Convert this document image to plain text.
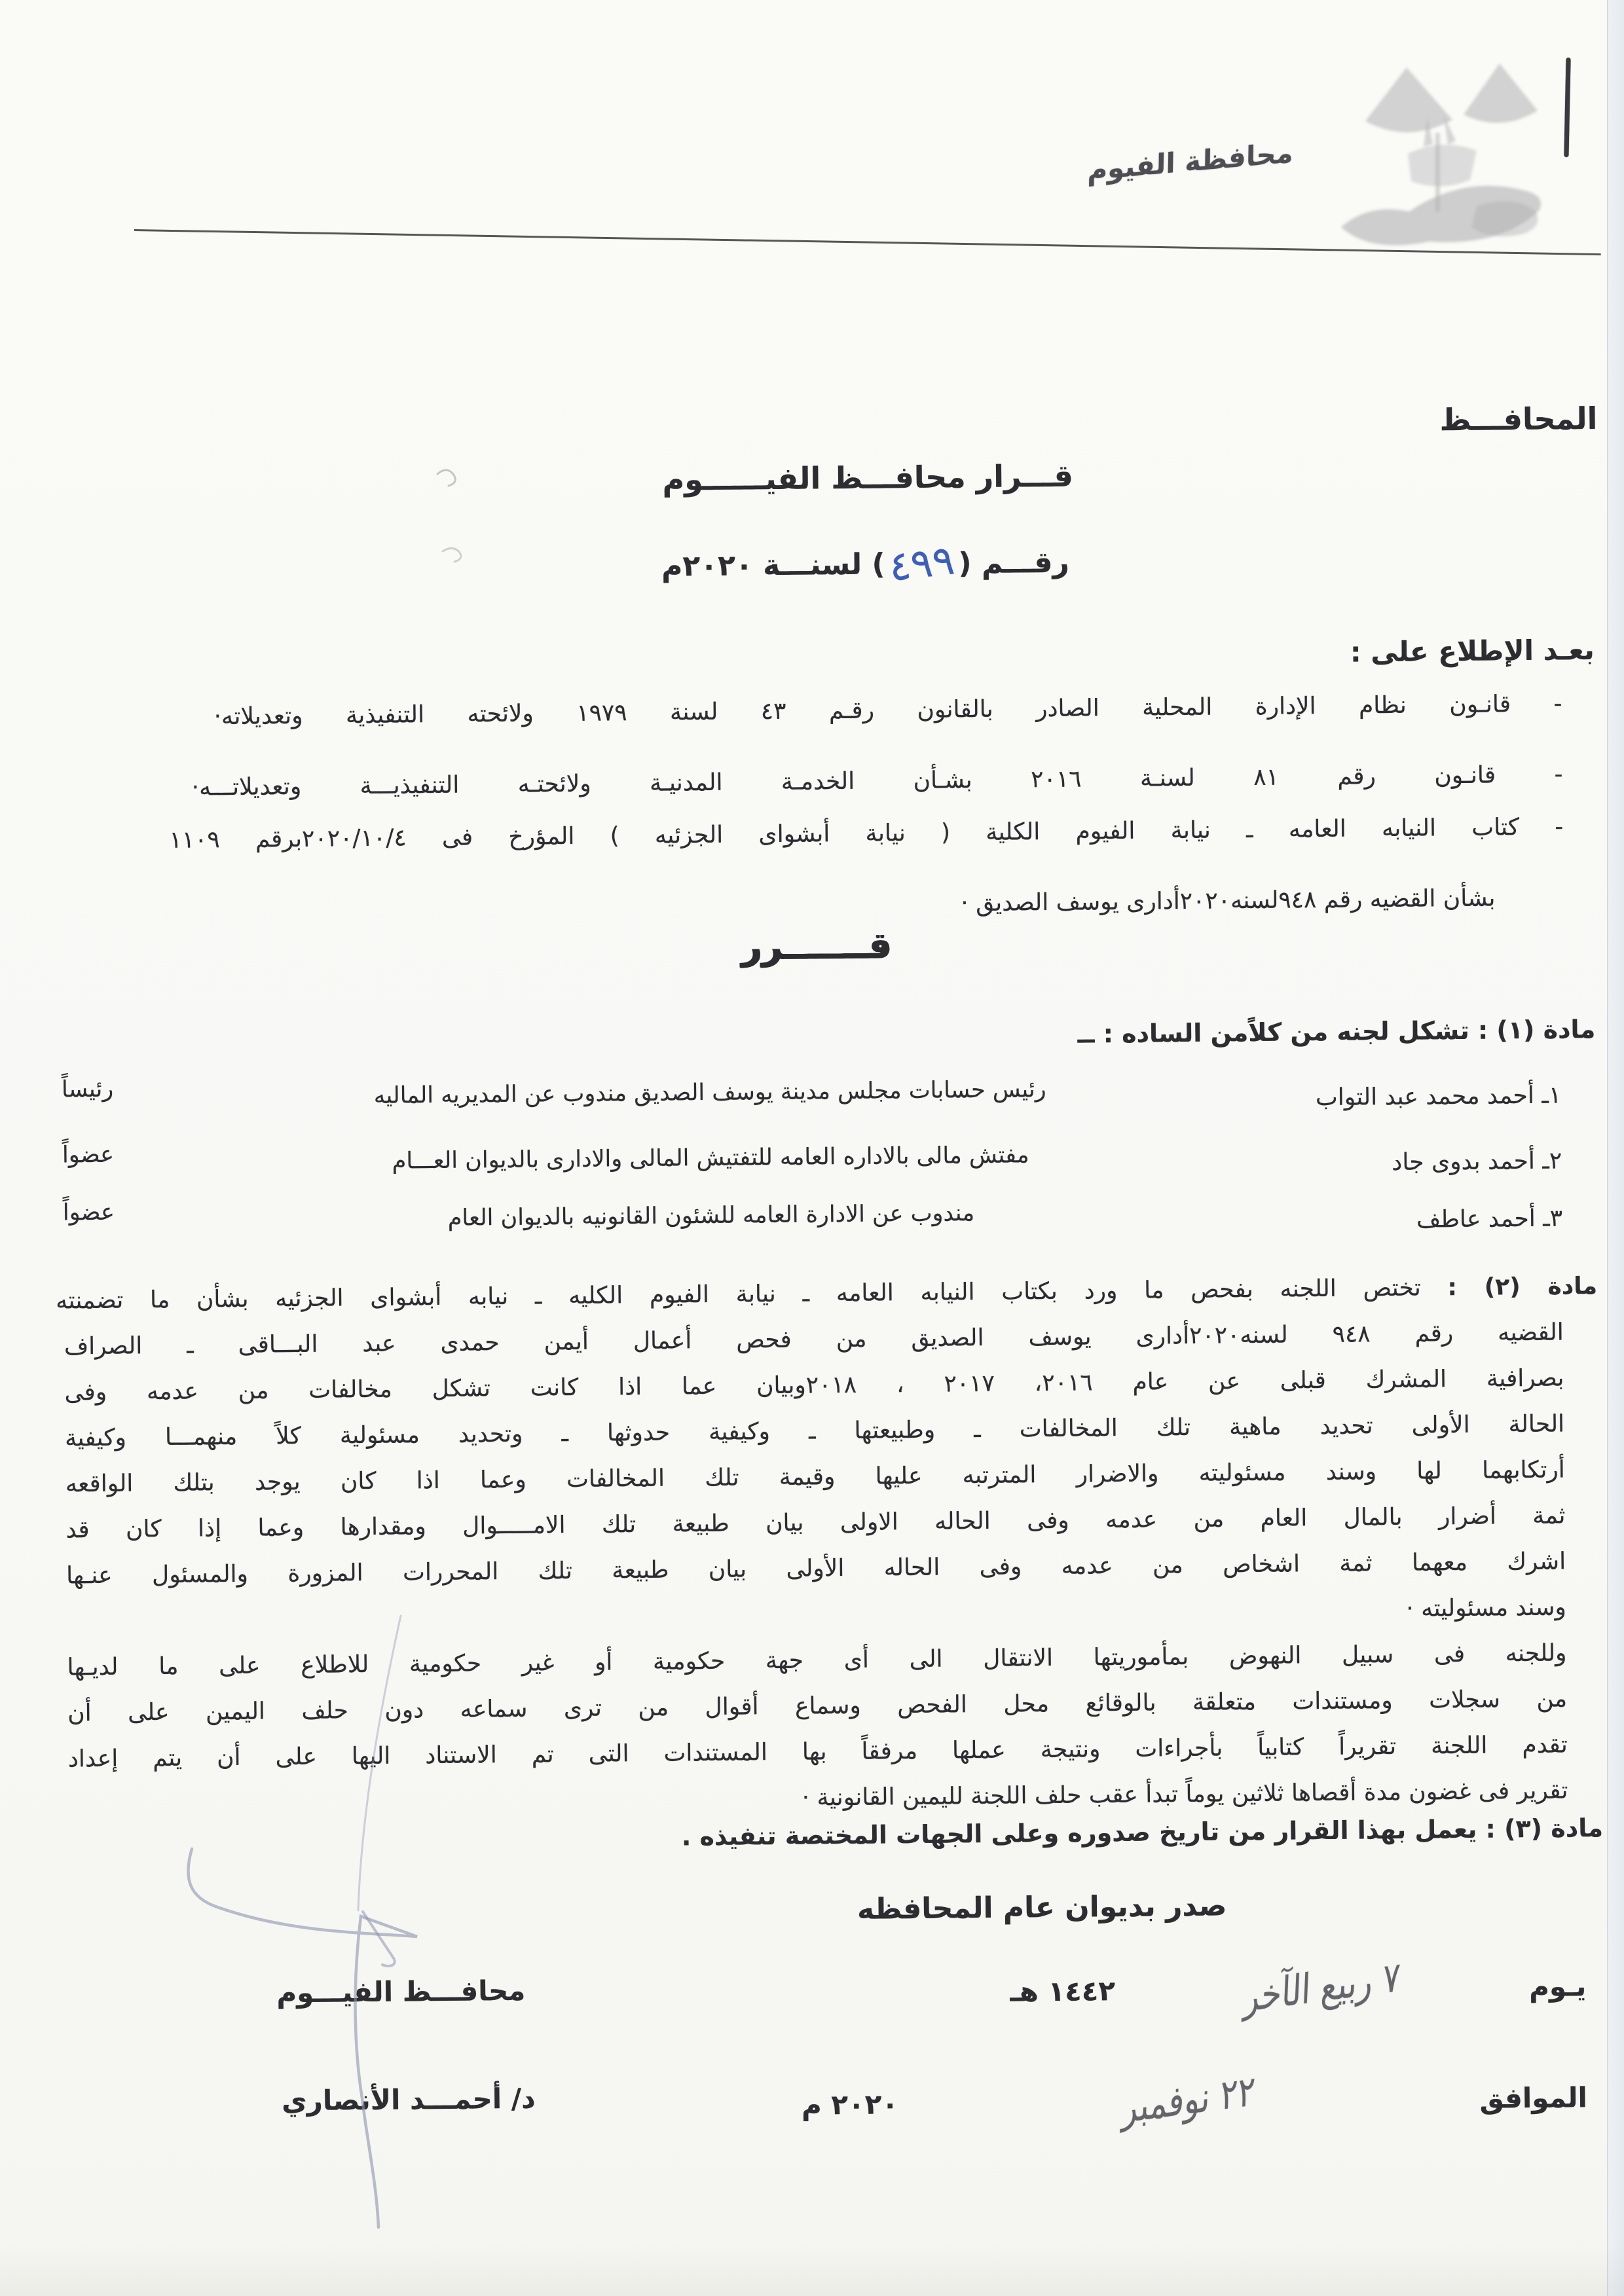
محافظة الفيوم
المحافـــظ
قـــرار محافـــظ الفيــــــوم
رقـــم (٤٩٩) لسنـــة ٢٠٢٠م
بعـد الإطلاع على :
- قانـون نظام الإدارة المحلية الصادر بالقانون رقـم ٤٣ لسنة ١٩٧٩ ولائحته التنفيذية وتعديلاته·
- قانـون رقم ٨١ لسنـة ٢٠١٦ بشـأن الخدمـة المدنيـة ولائحتـه التنفيذيـــة وتعديلاتـــه·
- كتاب النيابه العامه ـ نيابة الفيوم الكلية ( نيابة أبشواى الجزئيه ) المؤرخ فى ٢٠٢٠/١٠/٤برقم ١١٠٩
بشأن القضيه رقم ٩٤٨لسنه٢٠٢٠أدارى يوسف الصديق ·
قـــــــرر
مادة (١) : تشكل لجنه من كلاًمن الساده : ــ
١ـ أحمد محمد عبد التواب
رئيس حسابات مجلس مدينة يوسف الصديق مندوب عن المديريه الماليه
رئيساً
٢ـ أحمد بدوى جاد
مفتش مالى بالاداره العامه للتفتيش المالى والادارى بالديوان العـــام
عضواً
٣ـ أحمد عاطف
مندوب عن الادارة العامه للشئون القانونيه بالديوان العام
عضواً
مادة (٢) : تختص اللجنه بفحص ما ورد بكتاب النيابه العامه ـ نيابة الفيوم الكليه ـ نيابه أبشواى الجزئيه بشأن ما تضمنته
القضيه رقم ٩٤٨ لسنه٢٠٢٠أدارى يوسف الصديق من فحص أعمال أيمن حمدى عبد البـــاقى ـ الصراف
بصرافية المشرك قبلى عن عام ٢٠١٦، ٢٠١٧ ، ٢٠١٨وبيان عما اذا كانت تشكل مخالفات من عدمه وفى
الحالة الأولى تحديد ماهية تلك المخالفات ـ وطبيعتها ـ وكيفية حدوثها ـ وتحديد مسئولية كلاً منهمـــا وكيفية
أرتكابهما لها وسند مسئوليته والاضرار المترتبه عليها وقيمة تلك المخالفات وعما اذا كان يوجد بتلك الواقعه
ثمة أضرار بالمال العام من عدمه وفى الحاله الاولى بيان طبيعة تلك الامـــــوال ومقدارها وعما إذا كان قد
اشرك معهما ثمة اشخاص من عدمه وفى الحاله الأولى بيان طبيعة تلك المحررات المزورة والمسئول عنـها
وسند مسئوليته ·
وللجنه فى سبيل النهوض بمأموريتها الانتقال الى أى جهة حكومية أو غير حكومية للاطلاع على ما لديـها
من سجلات ومستندات متعلقة بالوقائع محل الفحص وسماع أقوال من ترى سماعه دون حلف اليمين على أن
تقدم اللجنة تقريراً كتابياً بأجراءات ونتيجة عملها مرفقاً بها المستندات التى تم الاستناد اليها على أن يتم إعداد
تقرير فى غضون مدة أقصاها ثلاثين يوماً تبدأ عقب حلف اللجنة لليمين القانونية ·
مادة (٣) : يعمل بهذا القرار من تاريخ صدوره وعلى الجهات المختصة تنفيذه .
صدر بديوان عام المحافظه
يـوم
٧ ربيع الآخر
١٤٤٢ هـ
الموافق
٢٢ نوفمبر
٢٠٢٠ م
محافـــظ الفيـــوم
د/ أحمـــد الأنصاري
